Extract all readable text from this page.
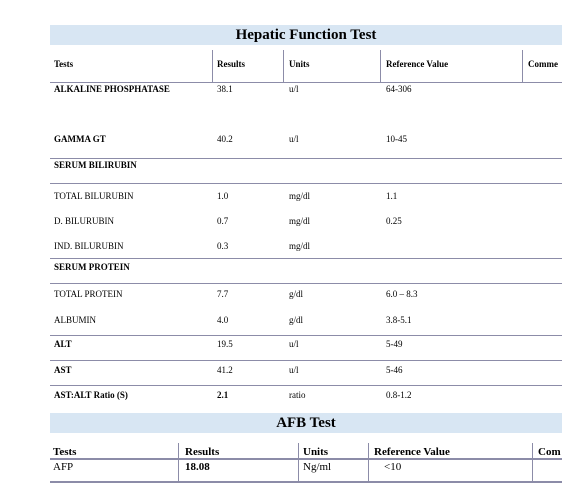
Hepatic Function Test
Tests	Results	Units	Reference Value	Comme
ALKALINE PHOSPHATASE	38.1	u/l	64-306
GAMMA GT	40.2	u/l	10-45
SERUM BILIRUBIN
TOTAL BILURUBIN	1.0	mg/dl	1.1
D. BILURUBIN	0.7	mg/dl	0.25
IND. BILURUBIN	0.3	mg/dl
SERUM PROTEIN
TOTAL PROTEIN	7.7	g/dl	6.0 – 8.3
ALBUMIN	4.0	g/dl	3.8-5.1
ALT	19.5	u/l	5-49
AST	41.2	u/l	5-46
AST:ALT Ratio (S)	2.1	ratio	0.8-1.2
AFB Test
Tests	Results	Units	Reference Value	Com
AFP	18.08	Ng/ml	<10
